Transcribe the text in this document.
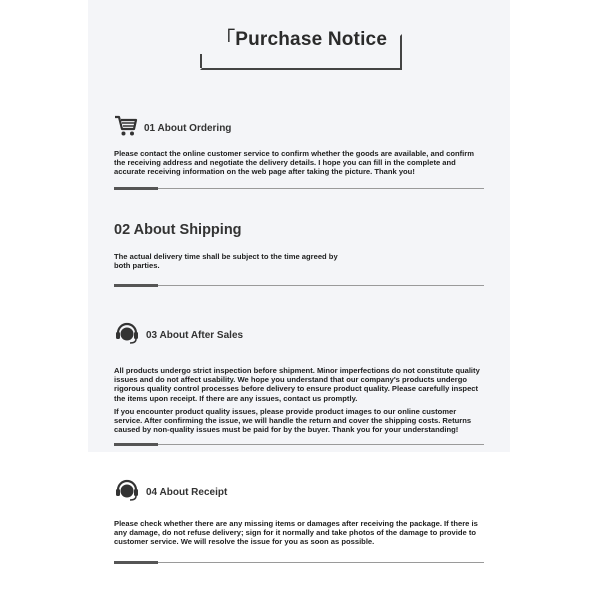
「Purchase Notice
01 About Ordering

Please contact the online customer service to confirm whether the goods are available, and confirm the receiving address and negotiate the delivery details. I hope you can fill in the complete and accurate receiving information on the web page after taking the picture. Thank you!

02 About Shipping

The actual delivery time shall be subject to the time agreed by both parties.

03 About After Sales

All products undergo strict inspection before shipment. Minor imperfections do not constitute quality issues and do not affect usability. We hope you understand that our company's products undergo rigorous quality control processes before delivery to ensure product quality. Please carefully inspect the items upon receipt. If there are any issues, contact us promptly.

If you encounter product quality issues, please provide product images to our online customer service. After confirming the issue, we will handle the return and cover the shipping costs. Returns caused by non-quality issues must be paid for by the buyer. Thank you for your understanding!

04 About Receipt

Please check whether there are any missing items or damages after receiving the package. If there is any damage, do not refuse delivery; sign for it normally and take photos of the damage to provide to customer service. We will resolve the issue for you as soon as possible.
